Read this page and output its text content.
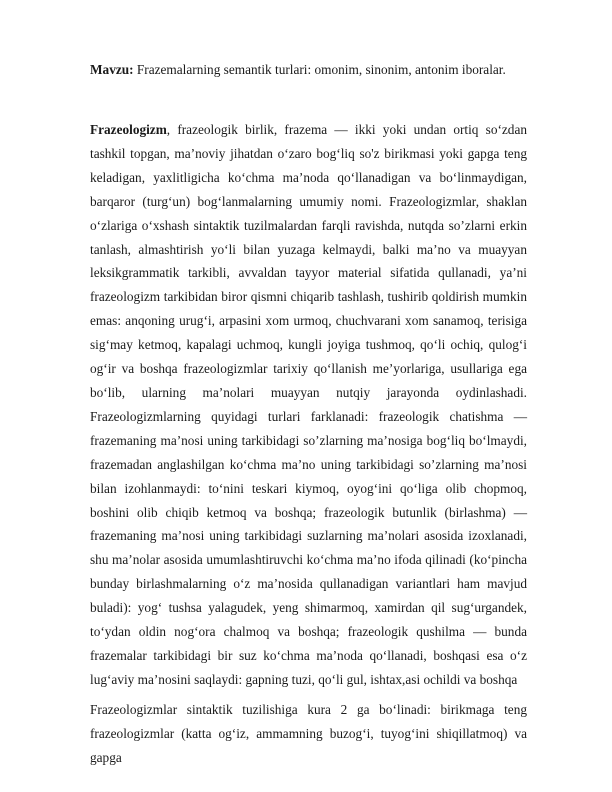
Mavzu: Frazemalarning semantik turlari: omonim, sinonim, antonim iboralar.

Frazeologizm, frazeologik birlik, frazema — ikki yoki undan ortiq so‘zdan tashkil topgan, ma’noviy jihatdan o‘zaro bog‘liq so'z birikmasi yoki gapga teng keladigan, yaxlitligicha ko‘chma ma’noda qo‘llanadigan va bo‘linmaydigan, barqaror (turg‘un) bog‘lanmalarning umumiy nomi. Frazeologizmlar, shaklan o‘zlariga o‘xshash sintaktik tuzilmalardan farqli ravishda, nutqda so’zlarni erkin tanlash, almashtirish yo‘li bilan yuzaga kelmaydi, balki ma’no va muayyan leksikgrammatik tarkibli, avvaldan tayyor material sifatida qullanadi, ya’ni frazeologizm tarkibidan biror qismni chiqarib tashlash, tushirib qoldirish mumkin emas: anqoning urug‘i, arpasini xom urmoq, chuchvarani xom sanamoq, terisiga sig‘may ketmoq, kapalagi uchmoq, kungli joyiga tushmoq, qo‘li ochiq, qulog‘i og‘ir va boshqa frazeologizmlar tarixiy qo‘llanish me’yorlariga, usullariga ega bo‘lib, ularning ma’nolari muayyan nutqiy jarayonda oydinlashadi. Frazeologizmlarning quyidagi turlari farklanadi: frazeologik chatishma — frazemaning ma’nosi uning tarkibidagi so’zlarning ma’nosiga bog‘liq bo‘lmaydi, frazemadan anglashilgan ko‘chma ma’no uning tarkibidagi so’zlarning ma’nosi bilan izohlanmaydi: to‘nini teskari kiymoq, oyog‘ini qo‘liga olib chopmoq, boshini olib chiqib ketmoq va boshqa; frazeologik butunlik (birlashma) — frazemaning ma’nosi uning tarkibidagi suzlarning ma’nolari asosida izoxlanadi, shu ma’nolar asosida umumlashtiruvchi ko‘chma ma’no ifoda qilinadi (ko‘pincha bunday birlashmalarning o‘z ma’nosida qullanadigan variantlari ham mavjud buladi): yog‘ tushsa yalagudek, yeng shimarmoq, xamirdan qil sug‘urgandek, to‘ydan oldin nog‘ora chalmoq va boshqa; frazeologik qushilma — bunda frazemalar tarkibidagi bir suz ko‘chma ma’noda qo‘llanadi, boshqasi esa o‘z lug‘aviy ma’nosini saqlaydi: gapning tuzi, qo‘li gul, ishtax,asi ochildi va boshqa

Frazeologizmlar sintaktik tuzilishiga kura 2 ga bo‘linadi: birikmaga teng frazeologizmlar (katta og‘iz, ammamning buzog‘i, tuyog‘ini shiqillatmoq) va gapga
